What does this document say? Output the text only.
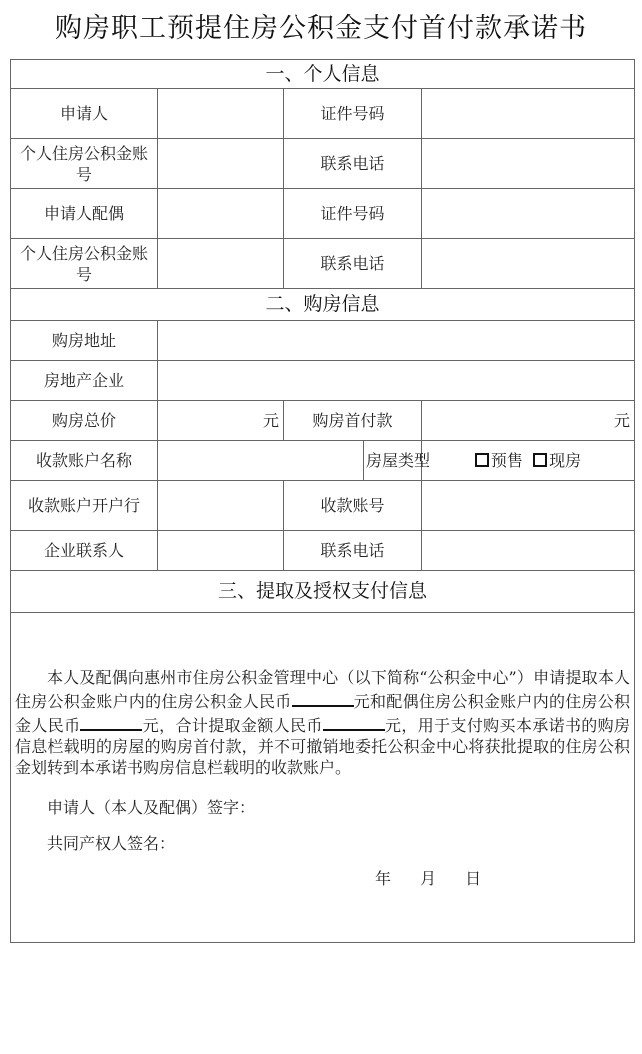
购房职工预提住房公积金支付首付款承诺书
一、个人信息				
申请人		证件号码		
个人住房公积金账号		联系电话		
申请人配偶		证件号码		
个人住房公积金账号		联系电话		
二、购房信息				
购房地址				
房地产企业				
购房总价	元	购房首付款		元
收款账户名称			房屋类型	预售 现房
收款账户开户行		收款账号		
企业联系人		联系电话		
三、提取及授权支付信息				

本人及配偶向惠州市住房公积金管理中心（以下简称“公积金中心”）申请提取本人住房公积金账户内的住房公积金人民币 元和配偶住房公积金账户内的住房公积金人民币 元，合计提取金额人民币 元，用于支付购买本承诺书的购房信息栏载明的房屋的购房首付款，并不可撤销地委托公积金中心将获批提取的住房公积金划转到本承诺书购房信息栏载明的收款账户。

申请人（本人及配偶）签字：
共同产权人签名：
年 月 日				
